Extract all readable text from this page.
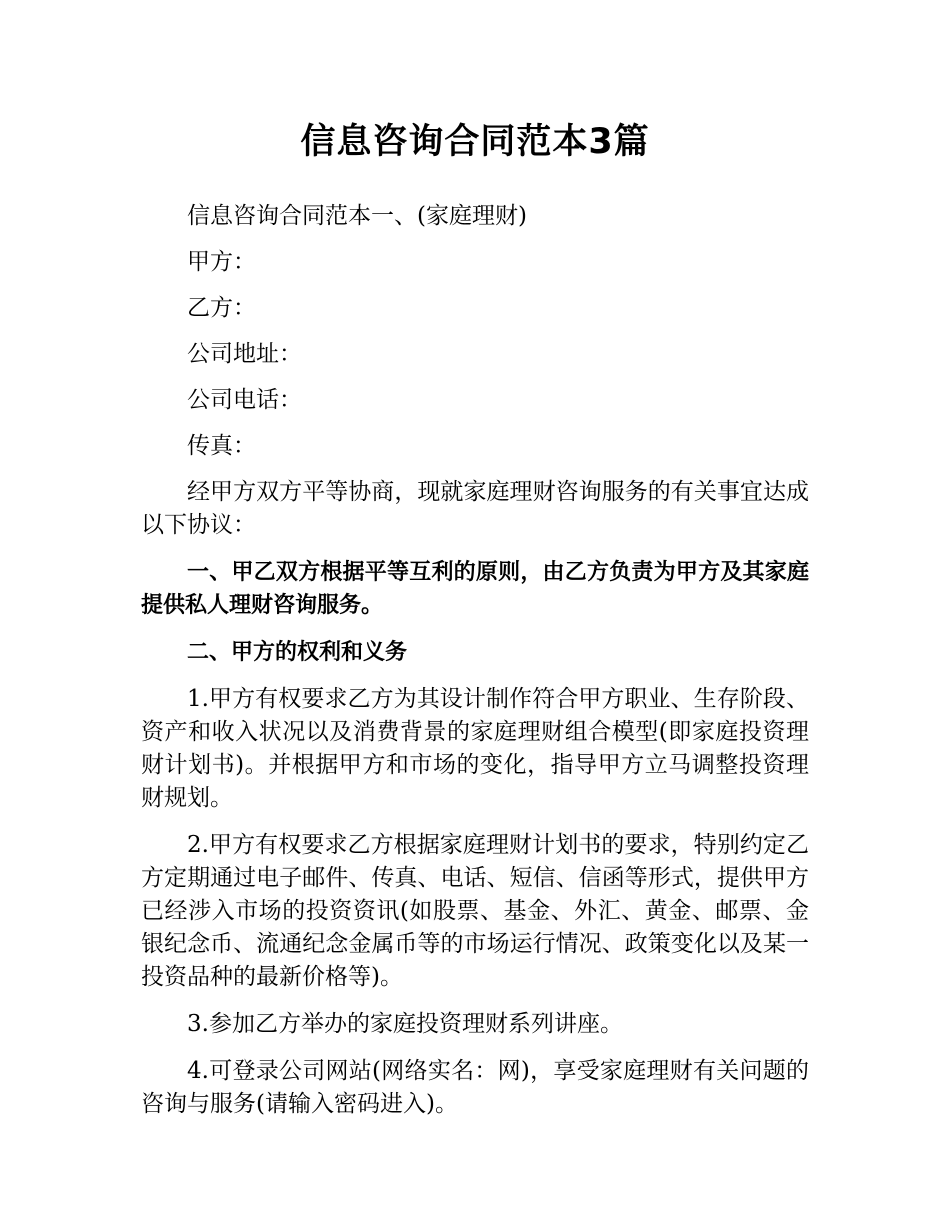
信息咨询合同范本3篇

信息咨询合同范本一、(家庭理财)

甲方：

乙方：

公司地址：

公司电话：

传真：

经甲方双方平等协商，现就家庭理财咨询服务的有关事宜达成以下协议：

一、甲乙双方根据平等互利的原则，由乙方负责为甲方及其家庭提供私人理财咨询服务。

二、甲方的权利和义务

1.甲方有权要求乙方为其设计制作符合甲方职业、生存阶段、资产和收入状况以及消费背景的家庭理财组合模型(即家庭投资理财计划书)。并根据甲方和市场的变化，指导甲方立马调整投资理财规划。

2.甲方有权要求乙方根据家庭理财计划书的要求，特别约定乙方定期通过电子邮件、传真、电话、短信、信函等形式，提供甲方已经涉入市场的投资资讯(如股票、基金、外汇、黄金、邮票、金银纪念币、流通纪念金属币等的市场运行情况、政策变化以及某一投资品种的最新价格等)。

3.参加乙方举办的家庭投资理财系列讲座。

4.可登录公司网站(网络实名：网)，享受家庭理财有关问题的咨询与服务(请输入密码进入)。
